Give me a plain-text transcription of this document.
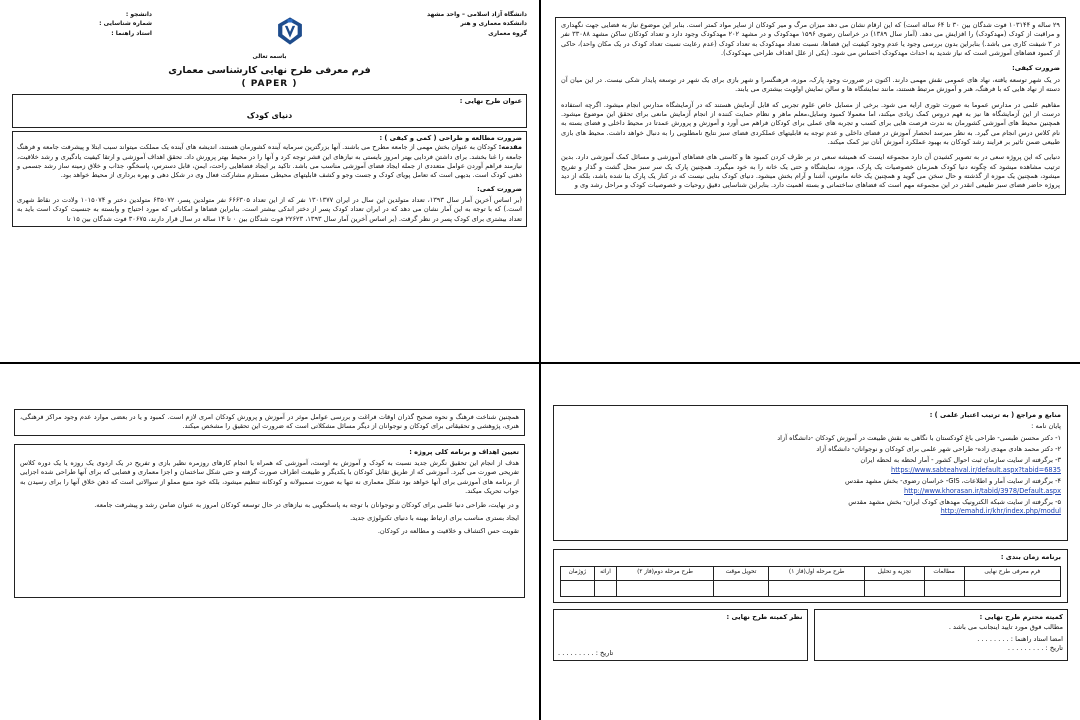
دانشگاه آزاد اسلامی – واحد مشهد
دانشکده معماری و هنر
گروه معماری
دانشجو :
شماره شناسایی :
استاد راهنما :
باسمه تعالی
فرم معرفی طرح نهایی کارشناسی معماری
( PAPER )
عنوان طرح نهایی :
دنیای کودک
ضرورت مطالعه و طراحی ( کمی و کیفی ) :
مقدمه: کودکان به عنوان بخش مهمی از جامعه مطرح می باشند. آنها بزرگترین سرمایه آینده کشورمان هستند، اندیشه های آینده یک مملکت میتواند سبب ابتلا و پیشرفت جامعه و فرهنگ جامعه را غنا بخشد. برای داشتن فردایی بهتر امروز بایستی به نیازهای این قشر توجه کرد و آنها را در محیط بهتر پرورش داد. تحقق اهداف آموزشی و ارتقا کیفیت یادگیری و رشد خلاقیت، نیازمند فراهم آوردن عوامل متعددی از جمله ایجاد فضای آموزشی مناسب می باشد. تاکید بر ایجاد فضاهایی راحت، ایمن، قابل دسترس، پاسخگو، جذاب و خلاق زمینه ساز رشد جسمی و ذهنی کودک است. بدیهی است که تعامل پویای کودک و جست وجو و کشف قابلیتهای محیطی مستلزم مشارکت فعال وی در شکل دهی و بهره برداری از محیط خواهد بود.
ضرورت کمی:
(بر اساس آخرین آمار سال ۱۳۹۳، تعداد متولدین این سال در ایران ۱۳۰۱۳۷۷ نفر که از این تعداد ۶۶۶۳۰۵ نفر متولدین پسر، ۶۳۵۰۷۲ متولدین دختر و ۱۰۱۵۰۷۴ ولادت در نقاط شهری است.) که با توجه به این آمار نشان می دهد که در ایران تعداد کودک پسر از دختر اندکی بیشتر است. بنابراین فضاها و امکاناتی که مورد احتیاج و وابسته به جنسیت کودک است باید به تعداد بیشتری برای کودک پسر در نظر گرفت. (بر اساس آخرین آمار سال ۱۳۹۳، ۲۲۶۲۳ فوت شدگان بین ۰ تا ۱۴ ساله در سال قرار دارند، ۳۰۶۷۵ فوت شدگان بین ۱۵ تا
۲۹ ساله و ۱۰۳۱۴۴ فوت شدگان بین ۳۰ تا ۶۴ ساله است) که این ارقام نشان می دهد میزان مرگ و میر کودکان از سایر مواد کمتر است. بنابر این موضوع نیاز به فضایی جهت نگهداری و مراقبت از کودک (مهدکودک) را افزایش می دهد. (آمار سال ۱۳۸۹) در خراسان رضوی ۱۵۹۶ مهدکودک و در مشهد ۲۰۲ مهدکودک وجود دارد و تعداد کودکان ساکن مشهد ۳۳۰۸۸ نفر در ۳ شیفت کاری می باشد.) بنابراین بدون بررسی وجود یا عدم وجود کیفیت این فضاها، نسبت تعداد مهدکودک به تعداد کودک (عدم رعایت نسبت تعداد کودک در یک مکان واحد)، حاکی از کمبود فضاهای آموزشی است که نیاز شدید به احداث مهدکودک احساس می شود. (یکی از علل اهداف طراحی مهدکودک).
ضرورت کیفی:
در یک شهر توسعه یافته، نهاد های عمومی نقش مهمی دارند. اکنون در ضرورت وجود پارک، موزه، فرهنگسرا و شهر بازی برای یک شهر در توسعه پایدار شکی نیست. در این میان آن دسته از نهاد هایی که با فرهنگ، هنر و آموزش مرتبط هستند، مانند نمایشگاه ها و سالن نمایش اولویت بیشتری می یابند.
مفاهیم علمی در مدارس عموما به صورت تئوری ارایه می شود. برخی از مسایل خاص علوم تجربی که قابل آزمایش هستند که در آزمایشگاه مدارس انجام میشود. اگرچه استفاده درست از این آزمایشگاه ها نیز به فهم دروس کمک زیادی میکند، اما معمولا کمبود وسایل،معلم ماهر و نظام حمایت کننده از انجام آزمایش مانعی برای تحقق این موضوع میشود. همچنین محیط های آموزشی کشورمان به ندرت فرصت هایی برای کسب و تجربه های عملی برای کودکان فراهم می آورد و آموزش و پرورش عمدتا در محیط داخلی و فضای بسته به نام کلاس درس انجام می گیرد. به نظر میرسد انحصار آموزش در فضای داخلی و عدم توجه به قابلیتهای عملکردی فضای سبز نتایج نامطلوبی را به دنبال خواهد داشت. محیط های بازی طبیعی ضمن تاثیر بر فرایند رشد کودکان به بهبود عملکرد آموزش آنان نیز کمک میکند.
دنیایی که این پروژه سعی در به تصویر کشیدن آن دارد مجموعه ایست که همیشه سعی در بر طرف کردن کمبود ها و کاستی های فضاهای آموزشی و مسائل کمک آموزشی دارد. بدین ترتیب مشاهده میشود که چگونه دنیا کودک همزمان خصوصیات یک پارک، موزه، نمایشگاه و حتی یک خانه را به خود میگیرد. همچنین پارک یک سر سبز محل گشت و گذار و تفریح میشود، همچنین یک موزه از گذشته و حال سخن می گوید و همچنین یک خانه مانوس، آشنا و آرام بخش میشود. دنیای کودک بنایی نیست که در کنار یک پارک بنا شده باشد، بلکه از دید پروژه حاضر فضای سبز طبیعی انقدر در این مجموعه مهم است که فضاهای ساختمانی و بسته اهمیت دارد. بنابراین شناسایی دقیق روحیات و خصوصیات کودک و مراحل رشد وی و
همچنین شناخت فرهنگ و نحوه صحیح گذران اوقات فراغت و بررسی عوامل موثر در آموزش و پرورش کودکان امری لازم است. کمبود و یا در بعضی موارد عدم وجود مراکز فرهنگی، هنری، پژوهشی و تحقیقاتی برای کودکان و نوجوانان از دیگر مسائل مشکلاتی است که ضرورت این تحقیق را مشخص میکند.
تعیین اهداف و برنامه کلی پروژه :
هدف از انجام این تحقیق نگرش جدید نسبت به کودک و آموزش به اوست، آموزشی که همراه با انجام کارهای روزمره نظیر بازی و تفریح در یک اردوی یک روزه یا یک دوره کلاس تفریحی صورت می گیرد. آموزشی که از طریق تقابل کودکان با یکدیگر و طبیعت اطراف صورت گرفته و حتی شکل ساختمان و اجزا معماری و فضایی که برای آنها طراحی شده اجزایی از برنامه های آموزشی برای آنها خواهد بود شکل معماری نه تنها به صورت سمبولانه و کودکانه تنظیم میشود، بلکه خود منبع مملو از سوالاتی است که ذهن خلاق آنها را برای رسیدن به جواب تحریک میکند.
و در نهایت، طراحی دنیا علمی برای کودکان و نوجوانان با توجه به پاسخگویی به نیازهای در حال توسعه کودکان امروز به عنوان ضامن رشد و پیشرفت جامعه.
ایجاد بستری مناسب برای ارتباط بهینه با دنیای تکنولوژی جدید.
تقویت حس اکتشاف و خلاقیت و مطالعه در کودکان.
منابع و مراجع ( به ترتیب اعتبار علمی ) :
پایان نامه :
۱- دکتر محسن طبسی- طراحی باغ کودکستان با نگاهی به نقش طبیعت در آموزش کودکان -دانشگاه آزاد
۲- دکتر محمد هادی مهدی زاده- طراحی شهر علمی برای کودکان و نوجوانان- دانشگاه آزاد
۳- برگرفته از سایت سازمان ثبت احوال کشور - آمار لحظه به لحظه ایران
https://www.sabteahval.ir/default.aspx?tabid=6835
۴- برگرفته از سایت آمار و اطلاعات، GIS- خراسان رضوی- بخش مشهد مقدس
http://www.khorasan.ir/tabid/3978/Default.aspx
۵- برگرفته از سایت شبکه الکترونیک مهدهای کودک ایران- بخش مشهد مقدس
http://emahd.ir/khr/index.php/modul
برنامه زمان بندی :
فرم معرفی طرح نهایی	مطالعات	تجزیه و تحلیل	طرح مرحله اول(فاز ۱)	تحویل موقت	طرح مرحله دوم(فاز ۲)	ارائه	ژوژمان

کمیته محترم طرح نهایی :
مطالب فوق مورد تایید اینجانب می باشد .
امضا استاد راهنما : . . . . . . . .
تاریخ : . . . . . . . . .
نظر کمیته طرح نهایی :
تاریخ : . . . . . . . . .
